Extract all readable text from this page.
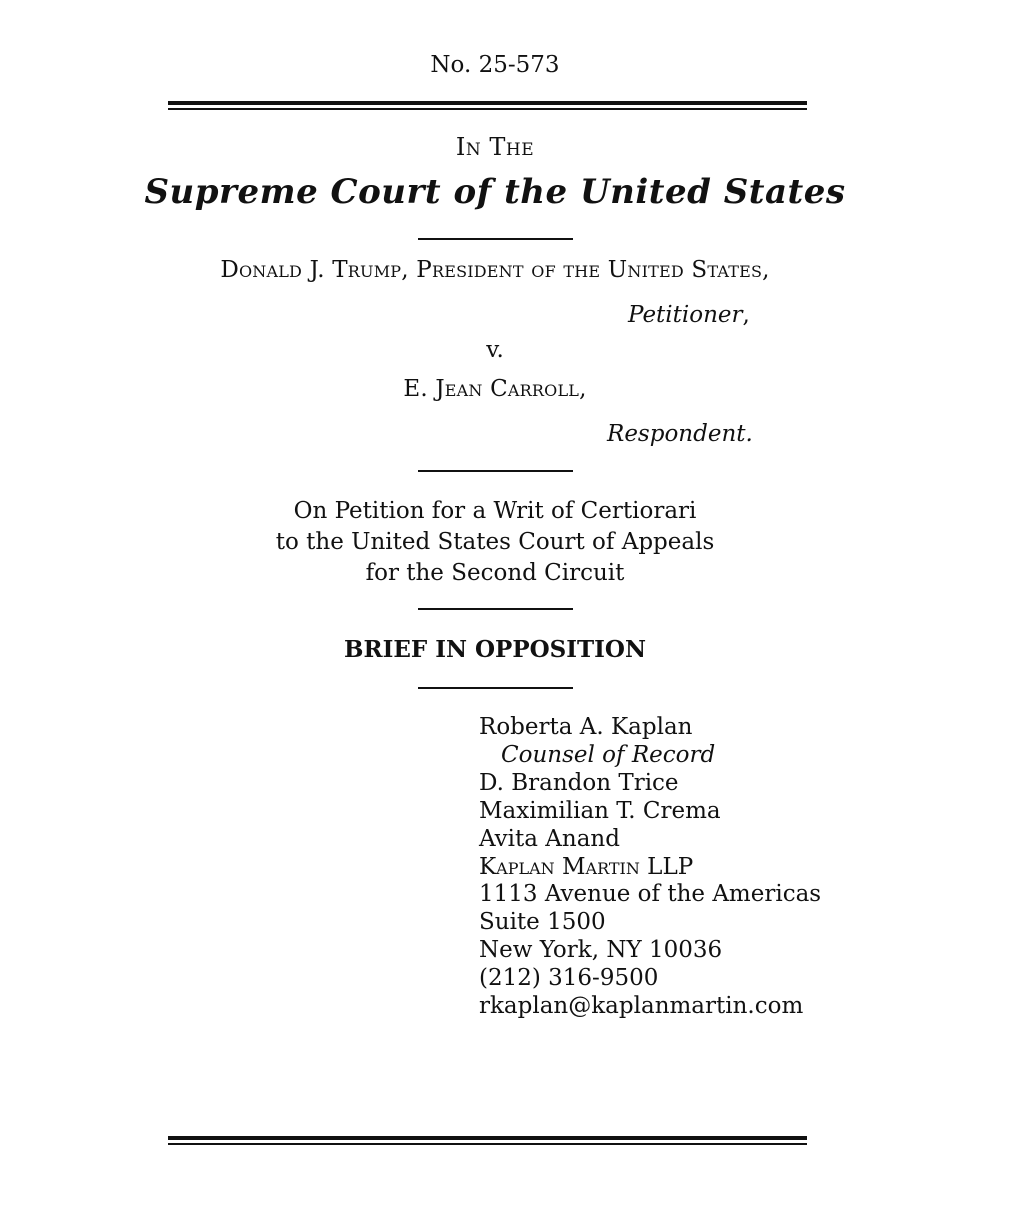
No. 25-573
In The
Supreme Court of the United States
Donald J. Trump, President of the United States,
Petitioner,
v.
E. Jean Carroll,
Respondent.
On Petition for a Writ of Certiorari
to the United States Court of Appeals
for the Second Circuit
BRIEF IN OPPOSITION
Roberta A. Kaplan
Counsel of Record
D. Brandon Trice
Maximilian T. Crema
Avita Anand
Kaplan Martin LLP
1113 Avenue of the Americas
Suite 1500
New York, NY 10036
(212) 316-9500
rkaplan@kaplanmartin.com
